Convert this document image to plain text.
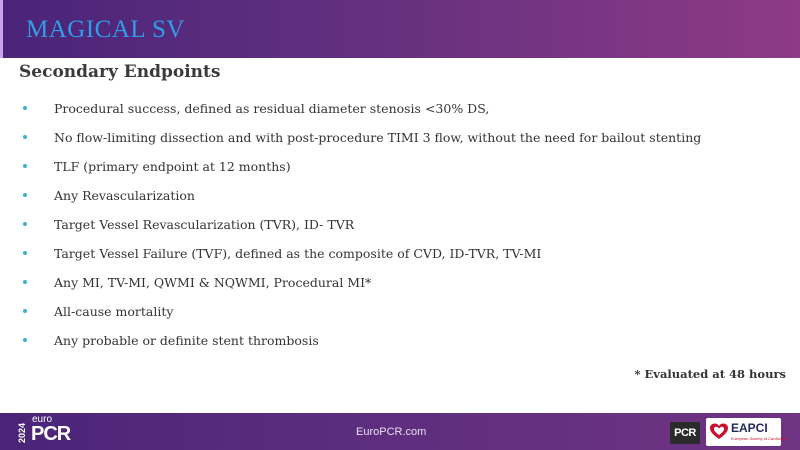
MAGICAL SV
Secondary Endpoints
Procedural success, defined as residual diameter stenosis <30% DS,
No flow-limiting dissection and with post-procedure TIMI 3 flow, without the need for bailout stenting
TLF (primary endpoint at 12 months)
Any Revascularization
Target Vessel Revascularization (TVR), ID- TVR
Target Vessel Failure (TVF), defined as the composite of CVD, ID-TVR, TV-MI
Any MI, TV-MI, QWMI & NQWMI, Procedural MI*
All-cause mortality
Any probable or definite stent thrombosis
* Evaluated at 48 hours
2024
euro
PCR	EuroPCR.com	PCR	EAPCI
European Society of Cardiology
